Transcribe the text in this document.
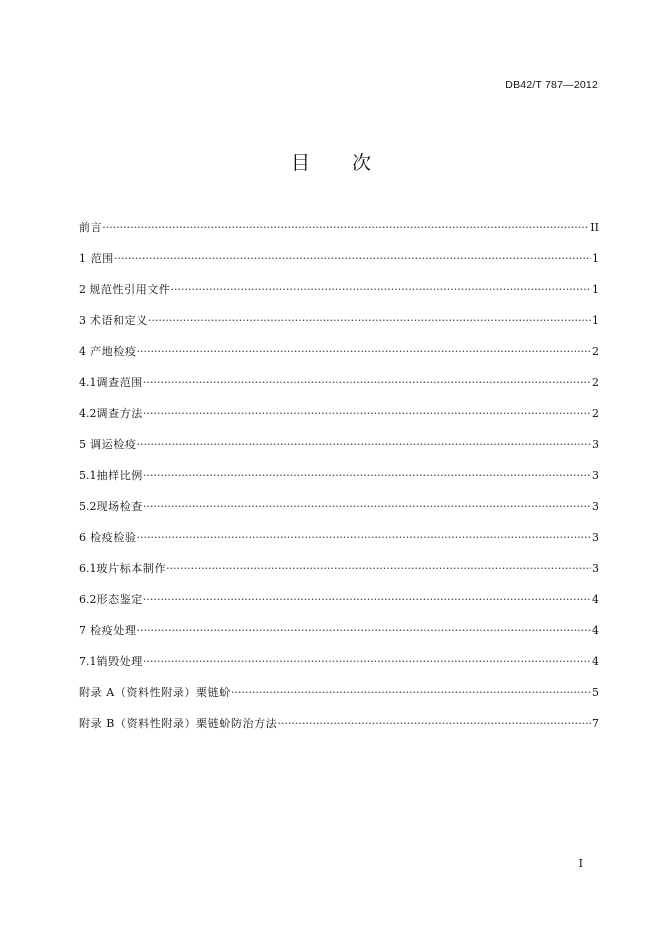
DB42/T 787—2012
目 次
前言 ·····	II
1 范围 ·····	1
2 规范性引用文件 ·····	1
3 术语和定义 ·····	1
4 产地检疫 ·····	2
4.1 调查范围 ·····	2
4.2 调查方法 ·····	2
5 调运检疫 ·····	3
5.1 抽样比例 ·····	3
5.2 现场检查 ·····	3
6 检疫检验 ·····	3
6.1 玻片标本制作 ·····	3
6.2 形态鉴定 ·····	4
7 检疫处理 ·····	4
7.1 销毁处理 ·····	4
附录 A（资料性附录）栗链蚧 ·····	5
附录 B（资料性附录）栗链蚧防治方法 ·····	7
I
